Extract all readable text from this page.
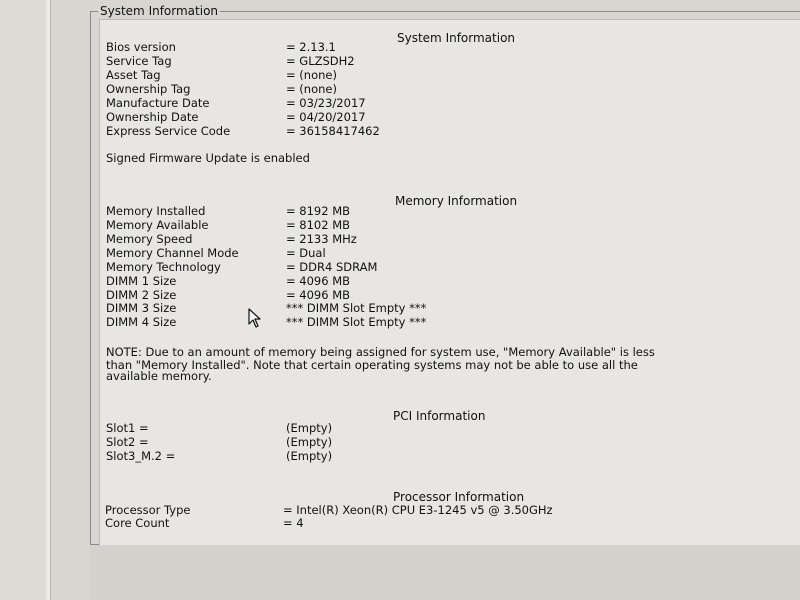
System Information
System Information
Bios version	= 2.13.1
Service Tag	= GLZSDH2
Asset Tag	= (none)
Ownership Tag	= (none)
Manufacture Date	= 03/23/2017
Ownership Date	= 04/20/2017
Express Service Code	= 36158417462
Signed Firmware Update is enabled
Memory Information
Memory Installed	= 8192 MB
Memory Available	= 8102 MB
Memory Speed	= 2133 MHz
Memory Channel Mode	= Dual
Memory Technology	= DDR4 SDRAM
DIMM 1 Size	= 4096 MB
DIMM 2 Size	= 4096 MB
DIMM 3 Size	*** DIMM Slot Empty ***
DIMM 4 Size	*** DIMM Slot Empty ***
NOTE: Due to an amount of memory being assigned for system use, "Memory Available" is less
than "Memory Installed". Note that certain operating systems may not be able to use all the
available memory.
PCI Information
Slot1 =	(Empty)
Slot2 =	(Empty)
Slot3_M.2 =	(Empty)
Processor Information
Processor Type	= Intel(R) Xeon(R) CPU E3-1245 v5 @ 3.50GHz
Core Count	= 4
